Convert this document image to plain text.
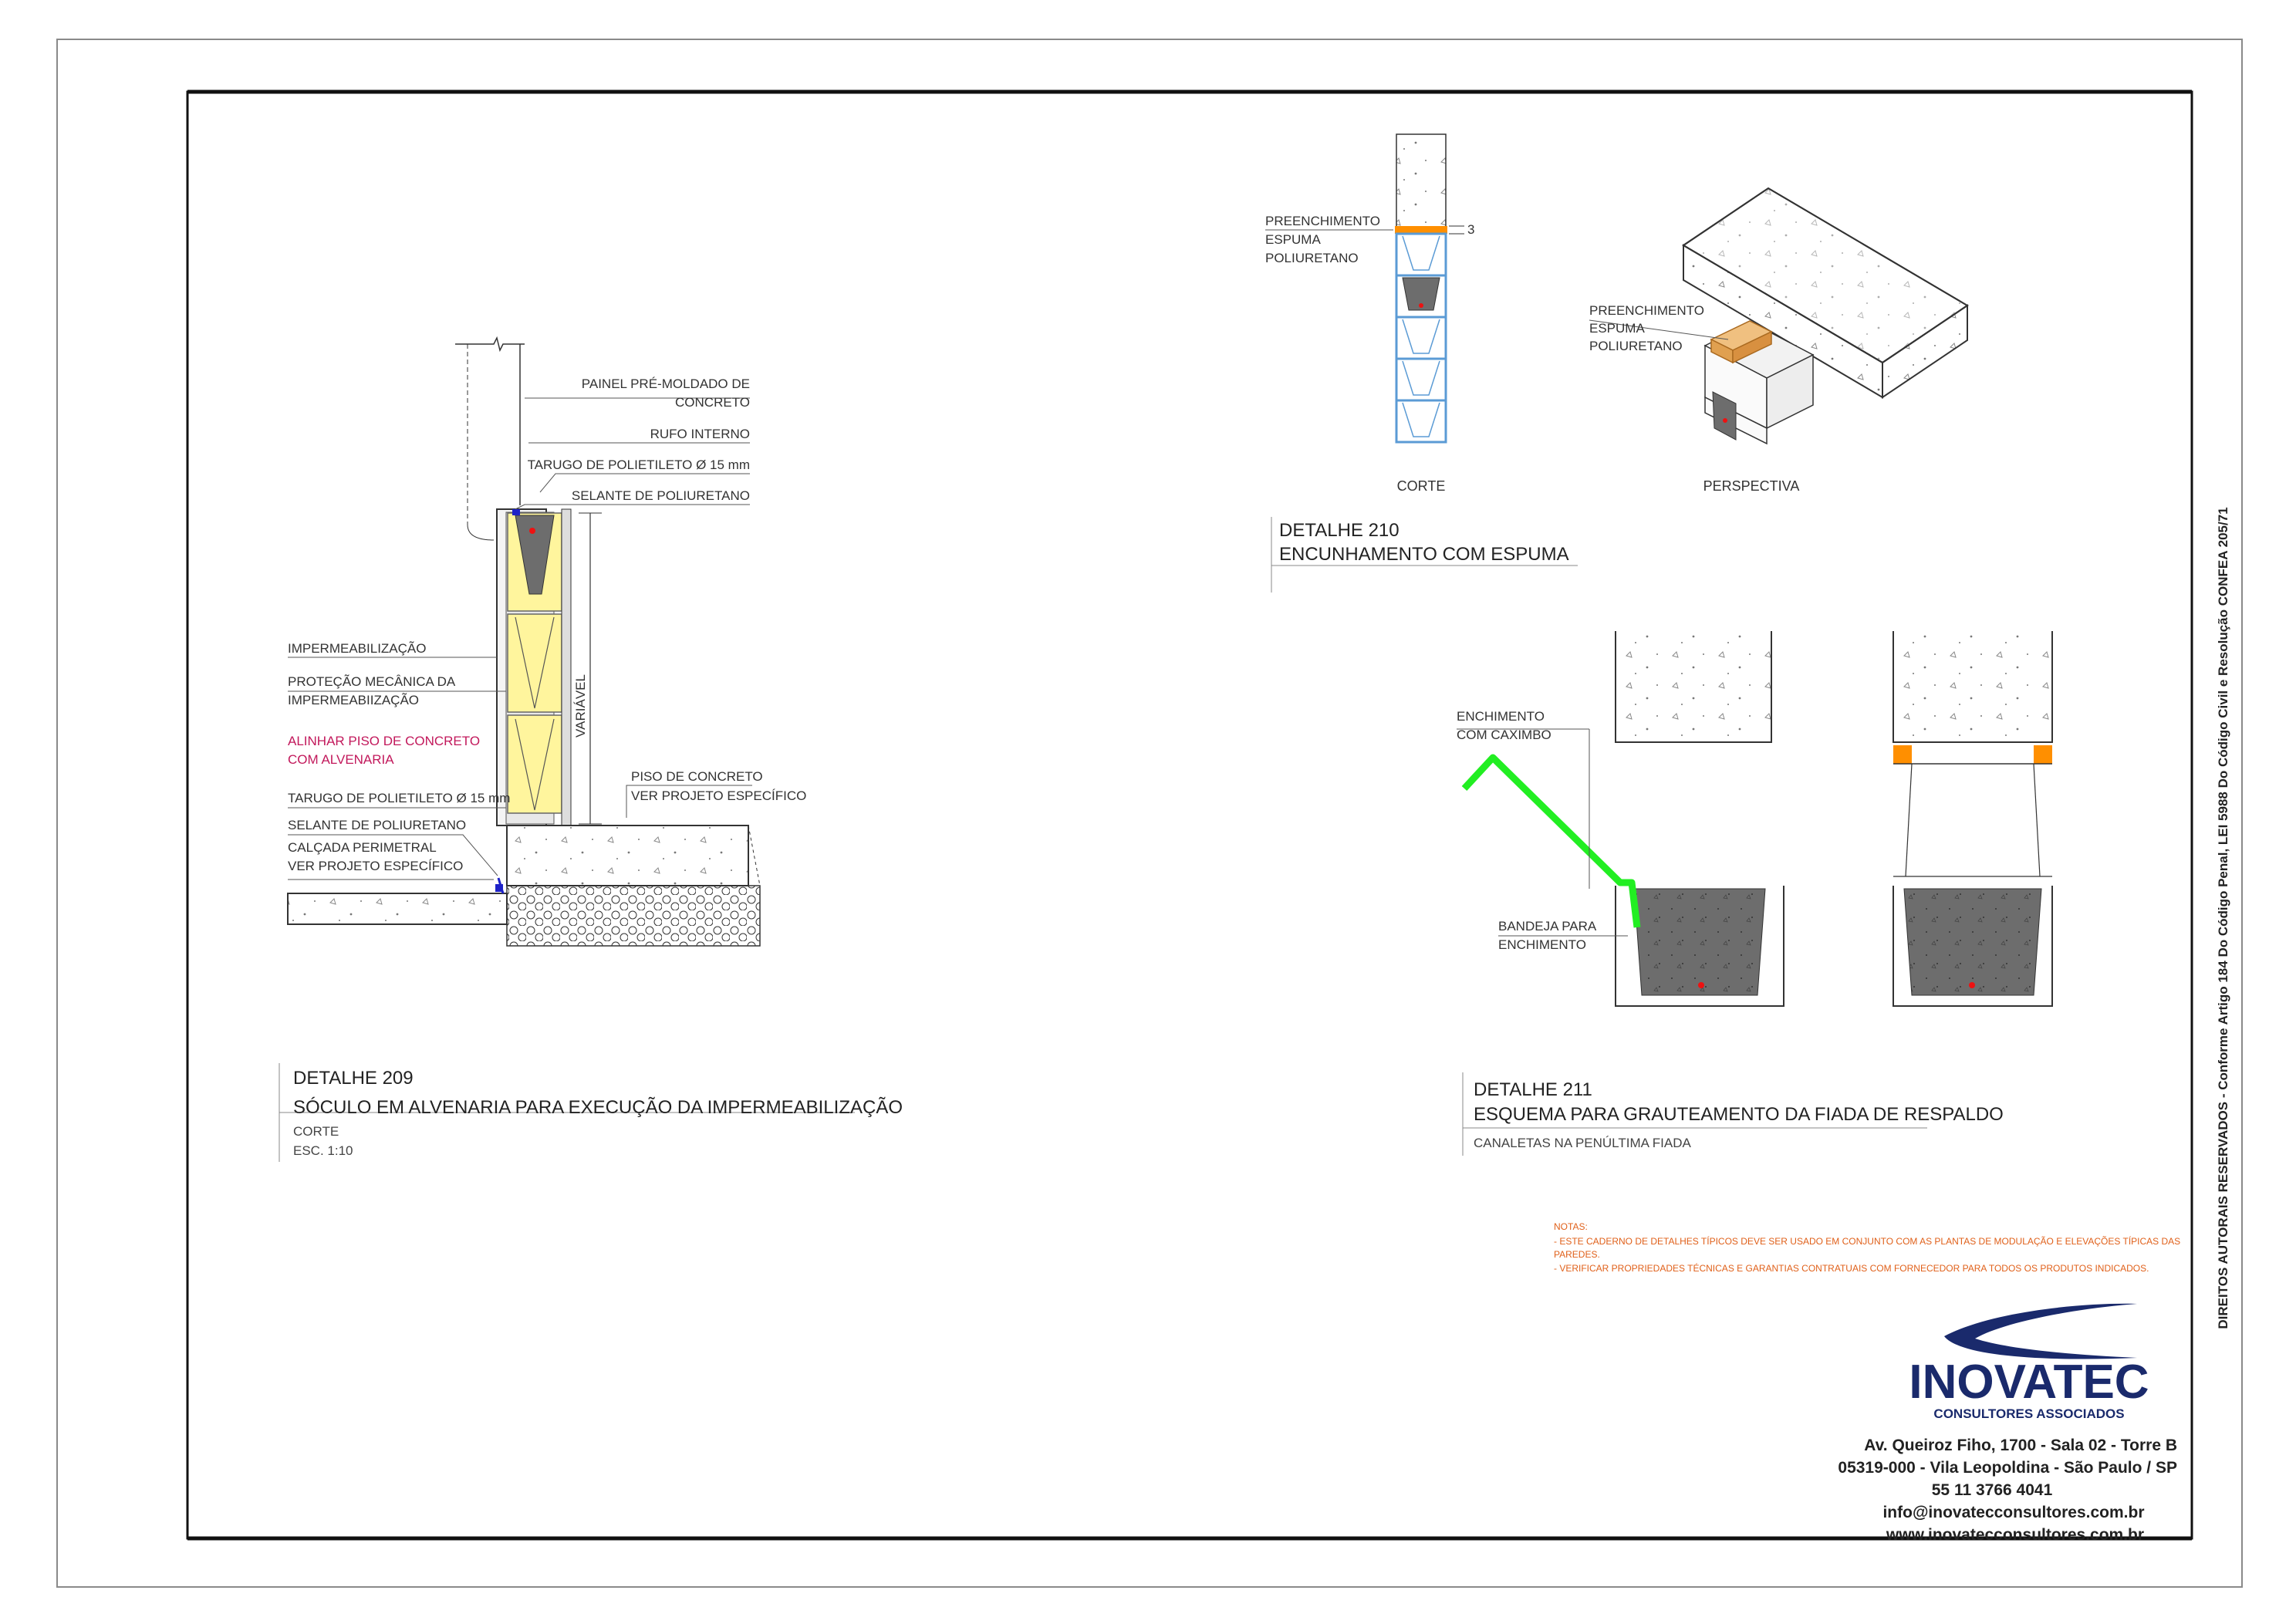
PAINEL PRÉ-MOLDADO DE
CONCRETO
RUFO INTERNO
TARUGO DE POLIETILETO Ø 15 mm
SELANTE DE POLIURETANO
IMPERMEABILIZAÇÃO
PROTEÇÃO MECÂNICA DA
IMPERMEABIIZAÇÃO
ALINHAR PISO DE CONCRETO
COM ALVENARIA
TARUGO DE POLIETILETO Ø 15 mm
SELANTE DE POLIURETANO
CALÇADA PERIMETRAL
VER PROJETO ESPECÍFICO
PISO DE CONCRETO
VER PROJETO ESPECÍFICO
VARIÁVEL
DETALHE 209
SÓCULO EM ALVENARIA PARA EXECUÇÃO DA IMPERMEABILIZAÇÃO
CORTE
ESC. 1:10
PREENCHIMENTO
ESPUMA
POLIURETANO
3
PREENCHIMENTO
ESPUMA
POLIURETANO
CORTE	PERSPECTIVA
DETALHE 210
ENCUNHAMENTO COM ESPUMA
ENCHIMENTO
COM CAXIMBO
BANDEJA PARA
ENCHIMENTO
DETALHE 211
ESQUEMA PARA GRAUTEAMENTO DA FIADA DE RESPALDO
CANALETAS NA PENÚLTIMA FIADA
NOTAS:
- ESTE CADERNO DE DETALHES TÍPICOS DEVE SER USADO EM CONJUNTO COM AS PLANTAS DE MODULAÇÃO E ELEVAÇÕES TÍPICAS DAS
PAREDES.
- VERIFICAR PROPRIEDADES TÉCNICAS E GARANTIAS CONTRATUAIS COM FORNECEDOR PARA TODOS OS PRODUTOS INDICADOS.
INOVATEC
CONSULTORES ASSOCIADOS
Av. Queiroz Fiho, 1700 - Sala 02 - Torre B
05319-000 - Vila Leopoldina - São Paulo / SP
55 11 3766 4041
info@inovatecconsultores.com.br
www.inovatecconsultores.com.br
DIREITOS AUTORAIS RESERVADOS - Conforme Artigo 184 Do Código Penal, LEI 5988 Do Código Civil e Resolução CONFEA 205/71
